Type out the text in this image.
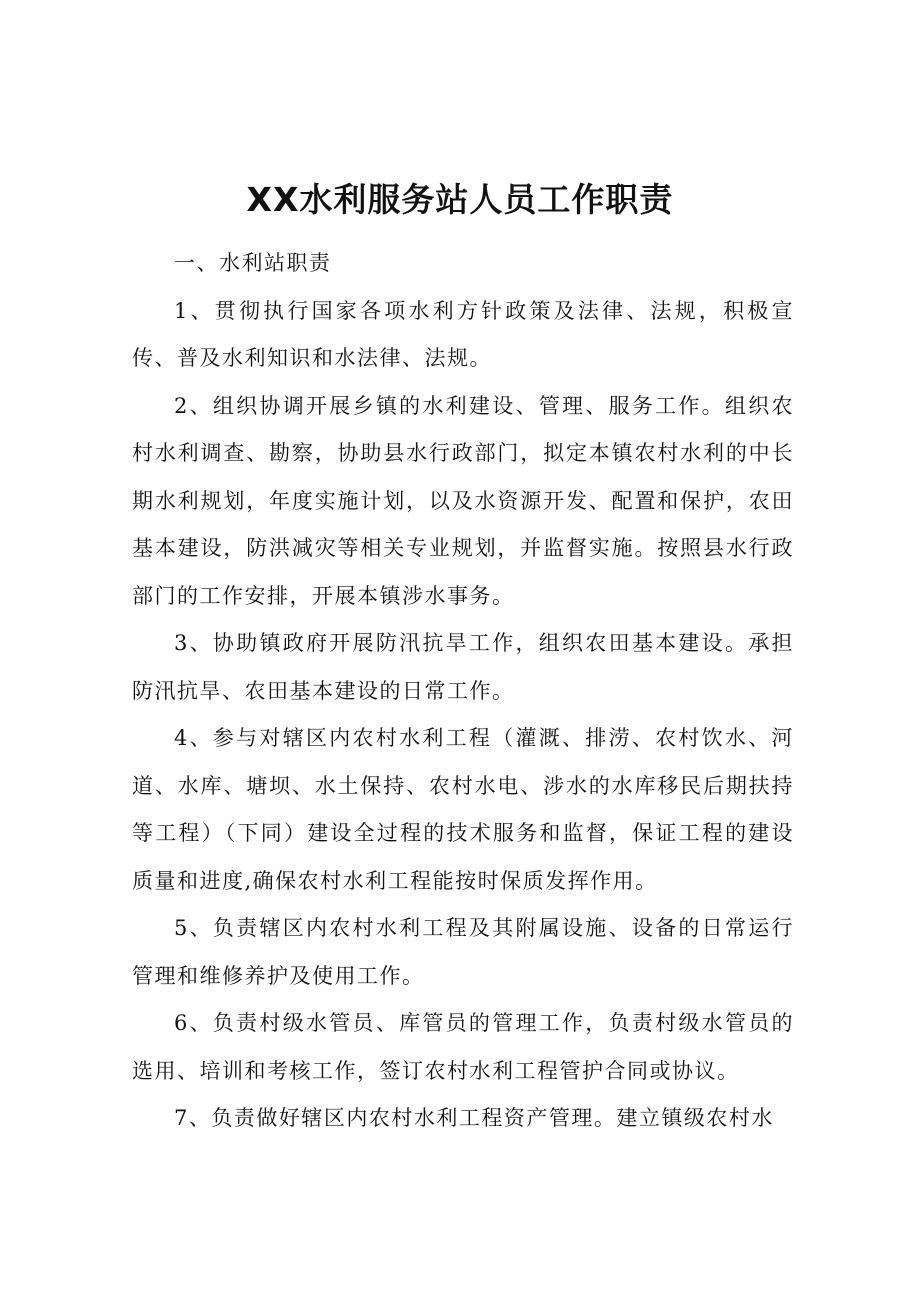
XX水利服务站人员工作职责

一、水利站职责

1、贯彻执行国家各项水利方针政策及法律、法规，积极宣传、普及水利知识和水法律、法规。

2、组织协调开展乡镇的水利建设、管理、服务工作。组织农村水利调查、勘察，协助县水行政部门，拟定本镇农村水利的中长期水利规划，年度实施计划，以及水资源开发、配置和保护，农田基本建设，防洪减灾等相关专业规划，并监督实施。按照县水行政部门的工作安排，开展本镇涉水事务。

3、协助镇政府开展防汛抗旱工作，组织农田基本建设。承担防汛抗旱、农田基本建设的日常工作。

4、参与对辖区内农村水利工程（灌溉、排涝、农村饮水、河道、水库、塘坝、水土保持、农村水电、涉水的水库移民后期扶持等工程）（下同）建设全过程的技术服务和监督，保证工程的建设质量和进度,确保农村水利工程能按时保质发挥作用。

5、负责辖区内农村水利工程及其附属设施、设备的日常运行管理和维修养护及使用工作。

6、负责村级水管员、库管员的管理工作，负责村级水管员的选用、培训和考核工作，签订农村水利工程管护合同或协议。

7、负责做好辖区内农村水利工程资产管理。建立镇级农村水
